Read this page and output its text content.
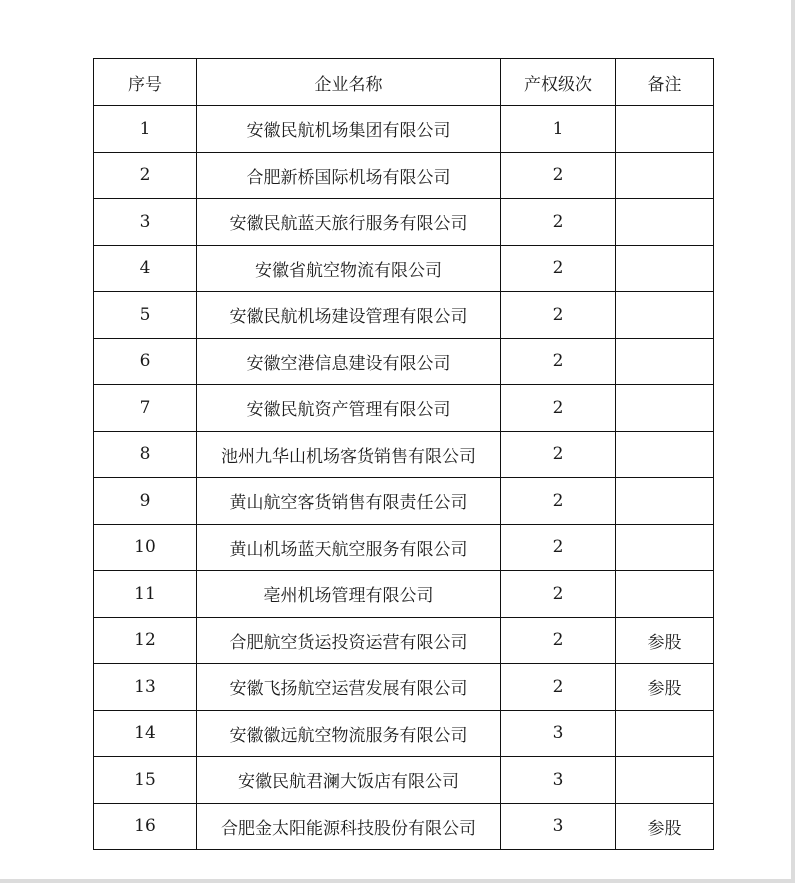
序号	企业名称	产权级次	备注
1	安徽民航机场集团有限公司	1	
2	合肥新桥国际机场有限公司	2	
3	安徽民航蓝天旅行服务有限公司	2	
4	安徽省航空物流有限公司	2	
5	安徽民航机场建设管理有限公司	2	
6	安徽空港信息建设有限公司	2	
7	安徽民航资产管理有限公司	2	
8	池州九华山机场客货销售有限公司	2	
9	黄山航空客货销售有限责任公司	2	
10	黄山机场蓝天航空服务有限公司	2	
11	亳州机场管理有限公司	2	
12	合肥航空货运投资运营有限公司	2	参股
13	安徽飞扬航空运营发展有限公司	2	参股
14	安徽徽远航空物流服务有限公司	3	
15	安徽民航君澜大饭店有限公司	3	
16	合肥金太阳能源科技股份有限公司	3	参股
